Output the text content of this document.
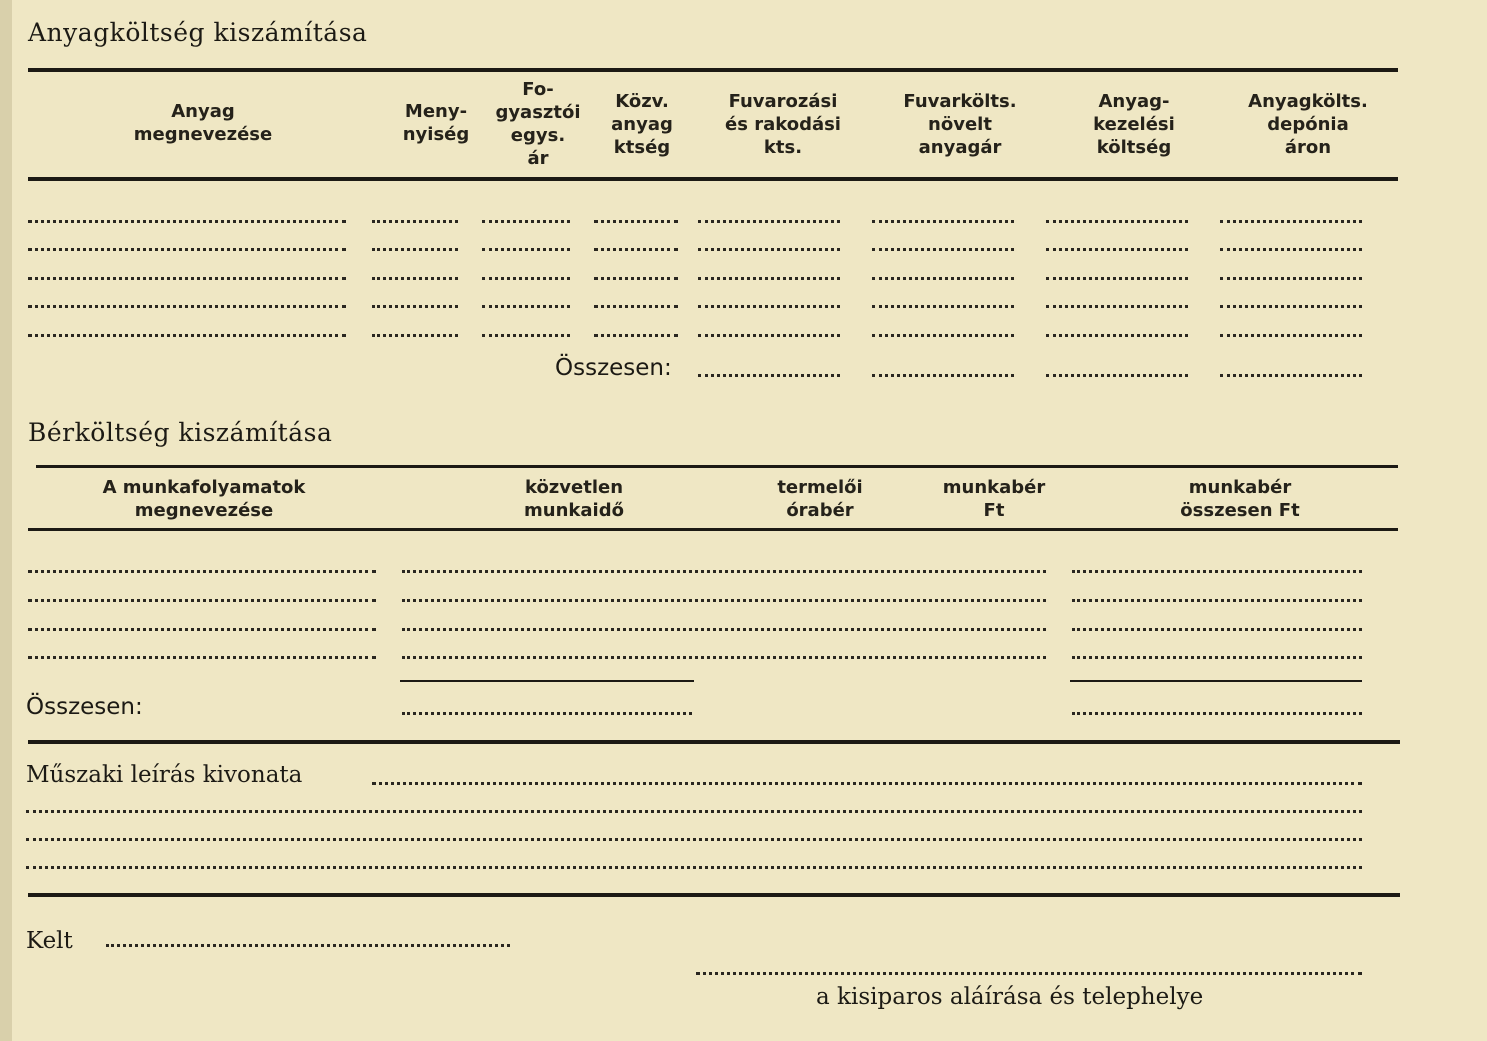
Anyagköltség kiszámítása
Anyag
megnevezése
Meny-
nyiség
Fo-
gyasztói
egys.
ár
Közv.
anyag
ktség
Fuvarozási
és rakodási
kts.
Fuvarkölts.
növelt
anyagár
Anyag-
kezelési
költség
Anyagkölts.
depónia
áron
Összesen:
Bérköltség kiszámítása
A munkafolyamatok
megnevezése
közvetlen
munkaidő
termelői
órabér
munkabér
Ft
munkabér
összesen Ft
Összesen:
Műszaki leírás kivonata
Kelt
a kisiparos aláírása és telephelye
